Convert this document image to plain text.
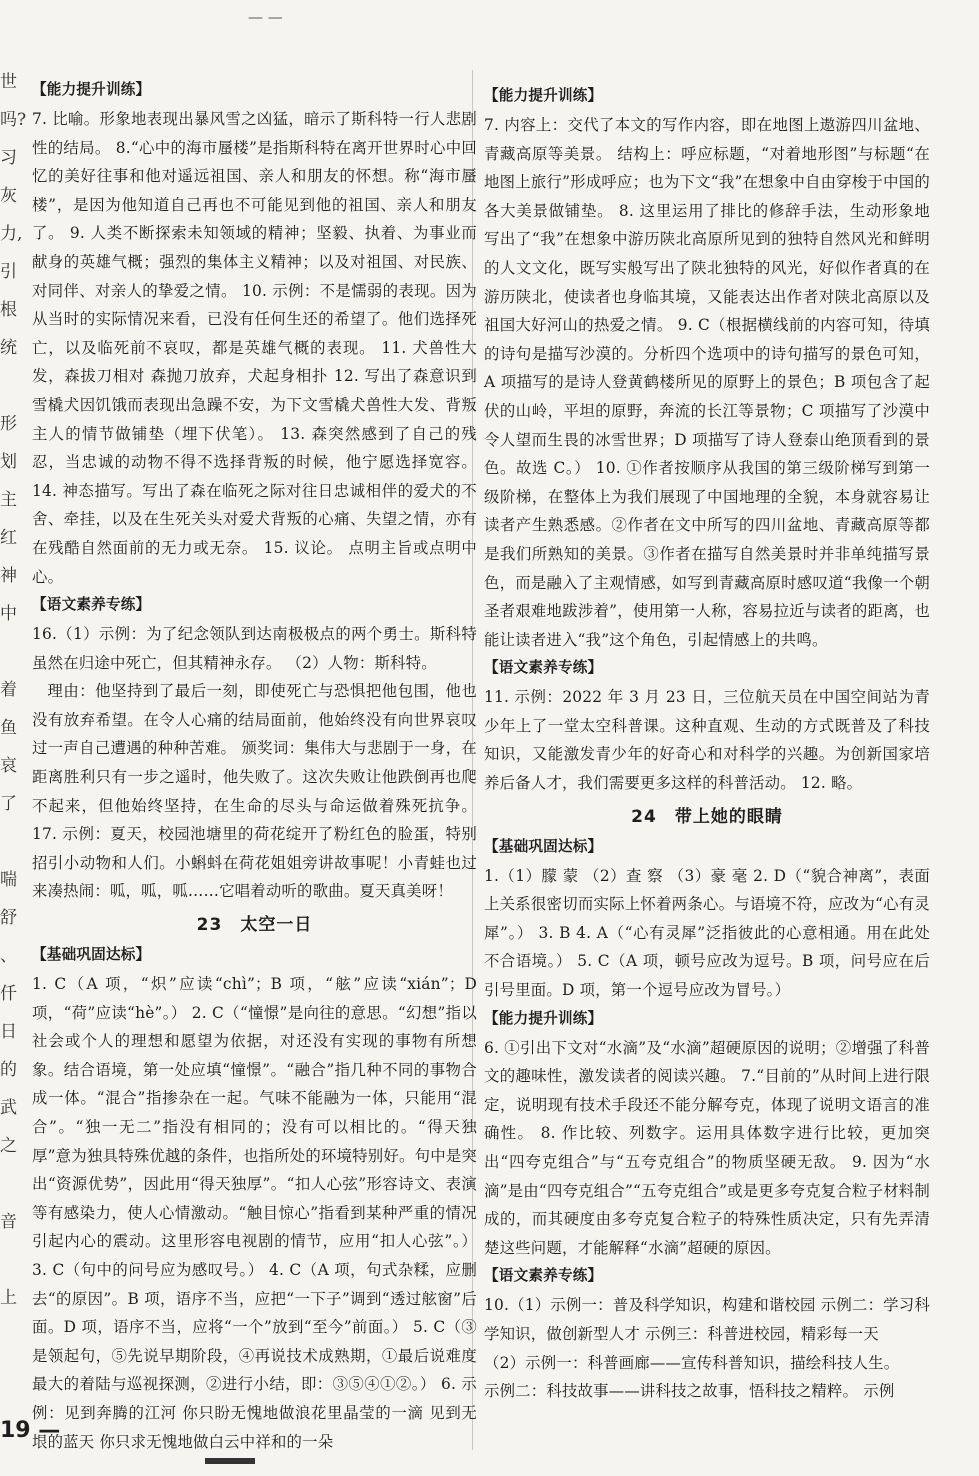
— —
世
吗?
习
灰
力,
引
根
统

形
划
主
红
神
中

着
鱼
哀
了

喘
舒
、
仟
日
的
武
之

音

上
【能力提升训练】

7. 比喻。形象地表现出暴风雪之凶猛，暗示了斯科特一行人悲剧性的结局。 8.“心中的海市蜃楼”是指斯科特在离开世界时心中回忆的美好往事和他对遥远祖国、亲人和朋友的怀想。称“海市蜃楼”，是因为他知道自己再也不可能见到他的祖国、亲人和朋友了。 9. 人类不断探索未知领域的精神；坚毅、执着、为事业而献身的英雄气概；强烈的集体主义精神；以及对祖国、对民族、对同伴、对亲人的挚爱之情。 10. 示例：不是懦弱的表现。因为从当时的实际情况来看，已没有任何生还的希望了。他们选择死亡，以及临死前不哀叹，都是英雄气概的表现。 11. 犬兽性大发，森拔刀相对 森抛刀放弃，犬起身相扑 12. 写出了森意识到雪橇犬因饥饿而表现出急躁不安，为下文雪橇犬兽性大发、背叛主人的情节做铺垫（埋下伏笔）。 13. 森突然感到了自己的残忍，当忠诚的动物不得不选择背叛的时候，他宁愿选择宽容。 14. 神态描写。写出了森在临死之际对往日忠诚相伴的爱犬的不舍、牵挂，以及在生死关头对爱犬背叛的心痛、失望之情，亦有在残酷自然面前的无力或无奈。 15. 议论。 点明主旨或点明中心。

【语文素养专练】

16.（1）示例：为了纪念领队到达南极极点的两个勇士。斯科特虽然在归途中死亡，但其精神永存。 （2）人物：斯科特。

理由：他坚持到了最后一刻，即使死亡与恐惧把他包围，他也没有放弃希望。在令人心痛的结局面前，他始终没有向世界哀叹过一声自己遭遇的种种苦难。 颁奖词：集伟大与悲剧于一身，在距离胜利只有一步之遥时，他失败了。这次失败让他跌倒再也爬不起来，但他始终坚持，在生命的尽头与命运做着殊死抗争。 17. 示例：夏天，校园池塘里的荷花绽开了粉红色的脸蛋，特别招引小动物和人们。小蝌蚪在荷花姐姐旁讲故事呢！小青蛙也过来凑热闹：呱，呱，呱……它唱着动听的歌曲。夏天真美呀！

23　太空一日
【基础巩固达标】

1. C（A 项，“炽”应读“chì”；B 项，“舷”应读“xián”；D 项，“荷”应读“hè”。） 2. C（“憧憬”是向往的意思。“幻想”指以社会或个人的理想和愿望为依据，对还没有实现的事物有所想象。结合语境，第一处应填“憧憬”。“融合”指几种不同的事物合成一体。“混合”指掺杂在一起。气味不能融为一体，只能用“混合”。“独一无二”指没有相同的；没有可以相比的。“得天独厚”意为独具特殊优越的条件，也指所处的环境特别好。句中是突出“资源优势”，因此用“得天独厚”。“扣人心弦”形容诗文、表演等有感染力，使人心情激动。“触目惊心”指看到某种严重的情况引起内心的震动。这里形容电视剧的情节，应用“扣人心弦”。） 3. C（句中的问号应为感叹号。） 4. C（A 项，句式杂糅，应删去“的原因”。B 项，语序不当，应把“一下子”调到“透过舷窗”后面。D 项，语序不当，应将“一个”放到“至今”前面。） 5. C（③是领起句，⑤先说早期阶段，④再说技术成熟期，①最后说难度最大的着陆与巡视探测，②进行小结，即：③⑤④①②。） 6. 示例：见到奔腾的江河 你只盼无愧地做浪花里晶莹的一滴 见到无垠的蓝天 你只求无愧地做白云中祥和的一朵

【能力提升训练】

7. 内容上：交代了本文的写作内容，即在地图上遨游四川盆地、青藏高原等美景。 结构上：呼应标题，“对着地形图”与标题“在地图上旅行”形成呼应；也为下文“我”在想象中自由穿梭于中国的各大美景做铺垫。 8. 这里运用了排比的修辞手法，生动形象地写出了“我”在想象中游历陕北高原所见到的独特自然风光和鲜明的人文文化，既写实般写出了陕北独特的风光，好似作者真的在游历陕北，使读者也身临其境，又能表达出作者对陕北高原以及祖国大好河山的热爱之情。 9. C（根据横线前的内容可知，待填的诗句是描写沙漠的。分析四个选项中的诗句描写的景色可知，A 项描写的是诗人登黄鹤楼所见的原野上的景色；B 项包含了起伏的山岭，平坦的原野，奔流的长江等景物；C 项描写了沙漠中令人望而生畏的冰雪世界；D 项描写了诗人登泰山绝顶看到的景色。故选 C。） 10. ①作者按顺序从我国的第三级阶梯写到第一级阶梯，在整体上为我们展现了中国地理的全貌，本身就容易让读者产生熟悉感。②作者在文中所写的四川盆地、青藏高原等都是我们所熟知的美景。③作者在描写自然美景时并非单纯描写景色，而是融入了主观情感，如写到青藏高原时感叹道“我像一个朝圣者艰难地跋涉着”，使用第一人称，容易拉近与读者的距离，也能让读者进入“我”这个角色，引起情感上的共鸣。

【语文素养专练】

11. 示例：2022 年 3 月 23 日，三位航天员在中国空间站为青少年上了一堂太空科普课。这种直观、生动的方式既普及了科技知识，又能激发青少年的好奇心和对科学的兴趣。为创新国家培养后备人才，我们需要更多这样的科普活动。 12. 略。

24　带上她的眼睛
【基础巩固达标】

1.（1）朦 蒙 （2）查 察 （3）豪 毫 2. D（“貌合神离”，表面上关系很密切而实际上怀着两条心。与语境不符，应改为“心有灵犀”。） 3. B 4. A（“心有灵犀”泛指彼此的心意相通。用在此处不合语境。） 5. C（A 项，顿号应改为逗号。B 项，问号应在后引号里面。D 项，第一个逗号应改为冒号。）

【能力提升训练】

6. ①引出下文对“水滴”及“水滴”超硬原因的说明；②增强了科普文的趣味性，激发读者的阅读兴趣。 7.“目前的”从时间上进行限定，说明现有技术手段还不能分解夸克，体现了说明文语言的准确性。 8. 作比较、列数字。运用具体数字进行比较，更加突出“四夸克组合”与“五夸克组合”的物质坚硬无敌。 9. 因为“水滴”是由“四夸克组合”“五夸克组合”或是更多夸克复合粒子材料制成的，而其硬度由多夸克复合粒子的特殊性质决定，只有先弄清楚这些问题，才能解释“水滴”超硬的原因。

【语文素养专练】

10.（1）示例一：普及科学知识，构建和谐校园 示例二：学习科学知识，做创新型人才 示例三：科普进校园，精彩每一天

（2）示例一：科普画廊——宣传科普知识，描绘科技人生。

示例二：科技故事——讲科技之故事，悟科技之精粹。 示例

19 —
